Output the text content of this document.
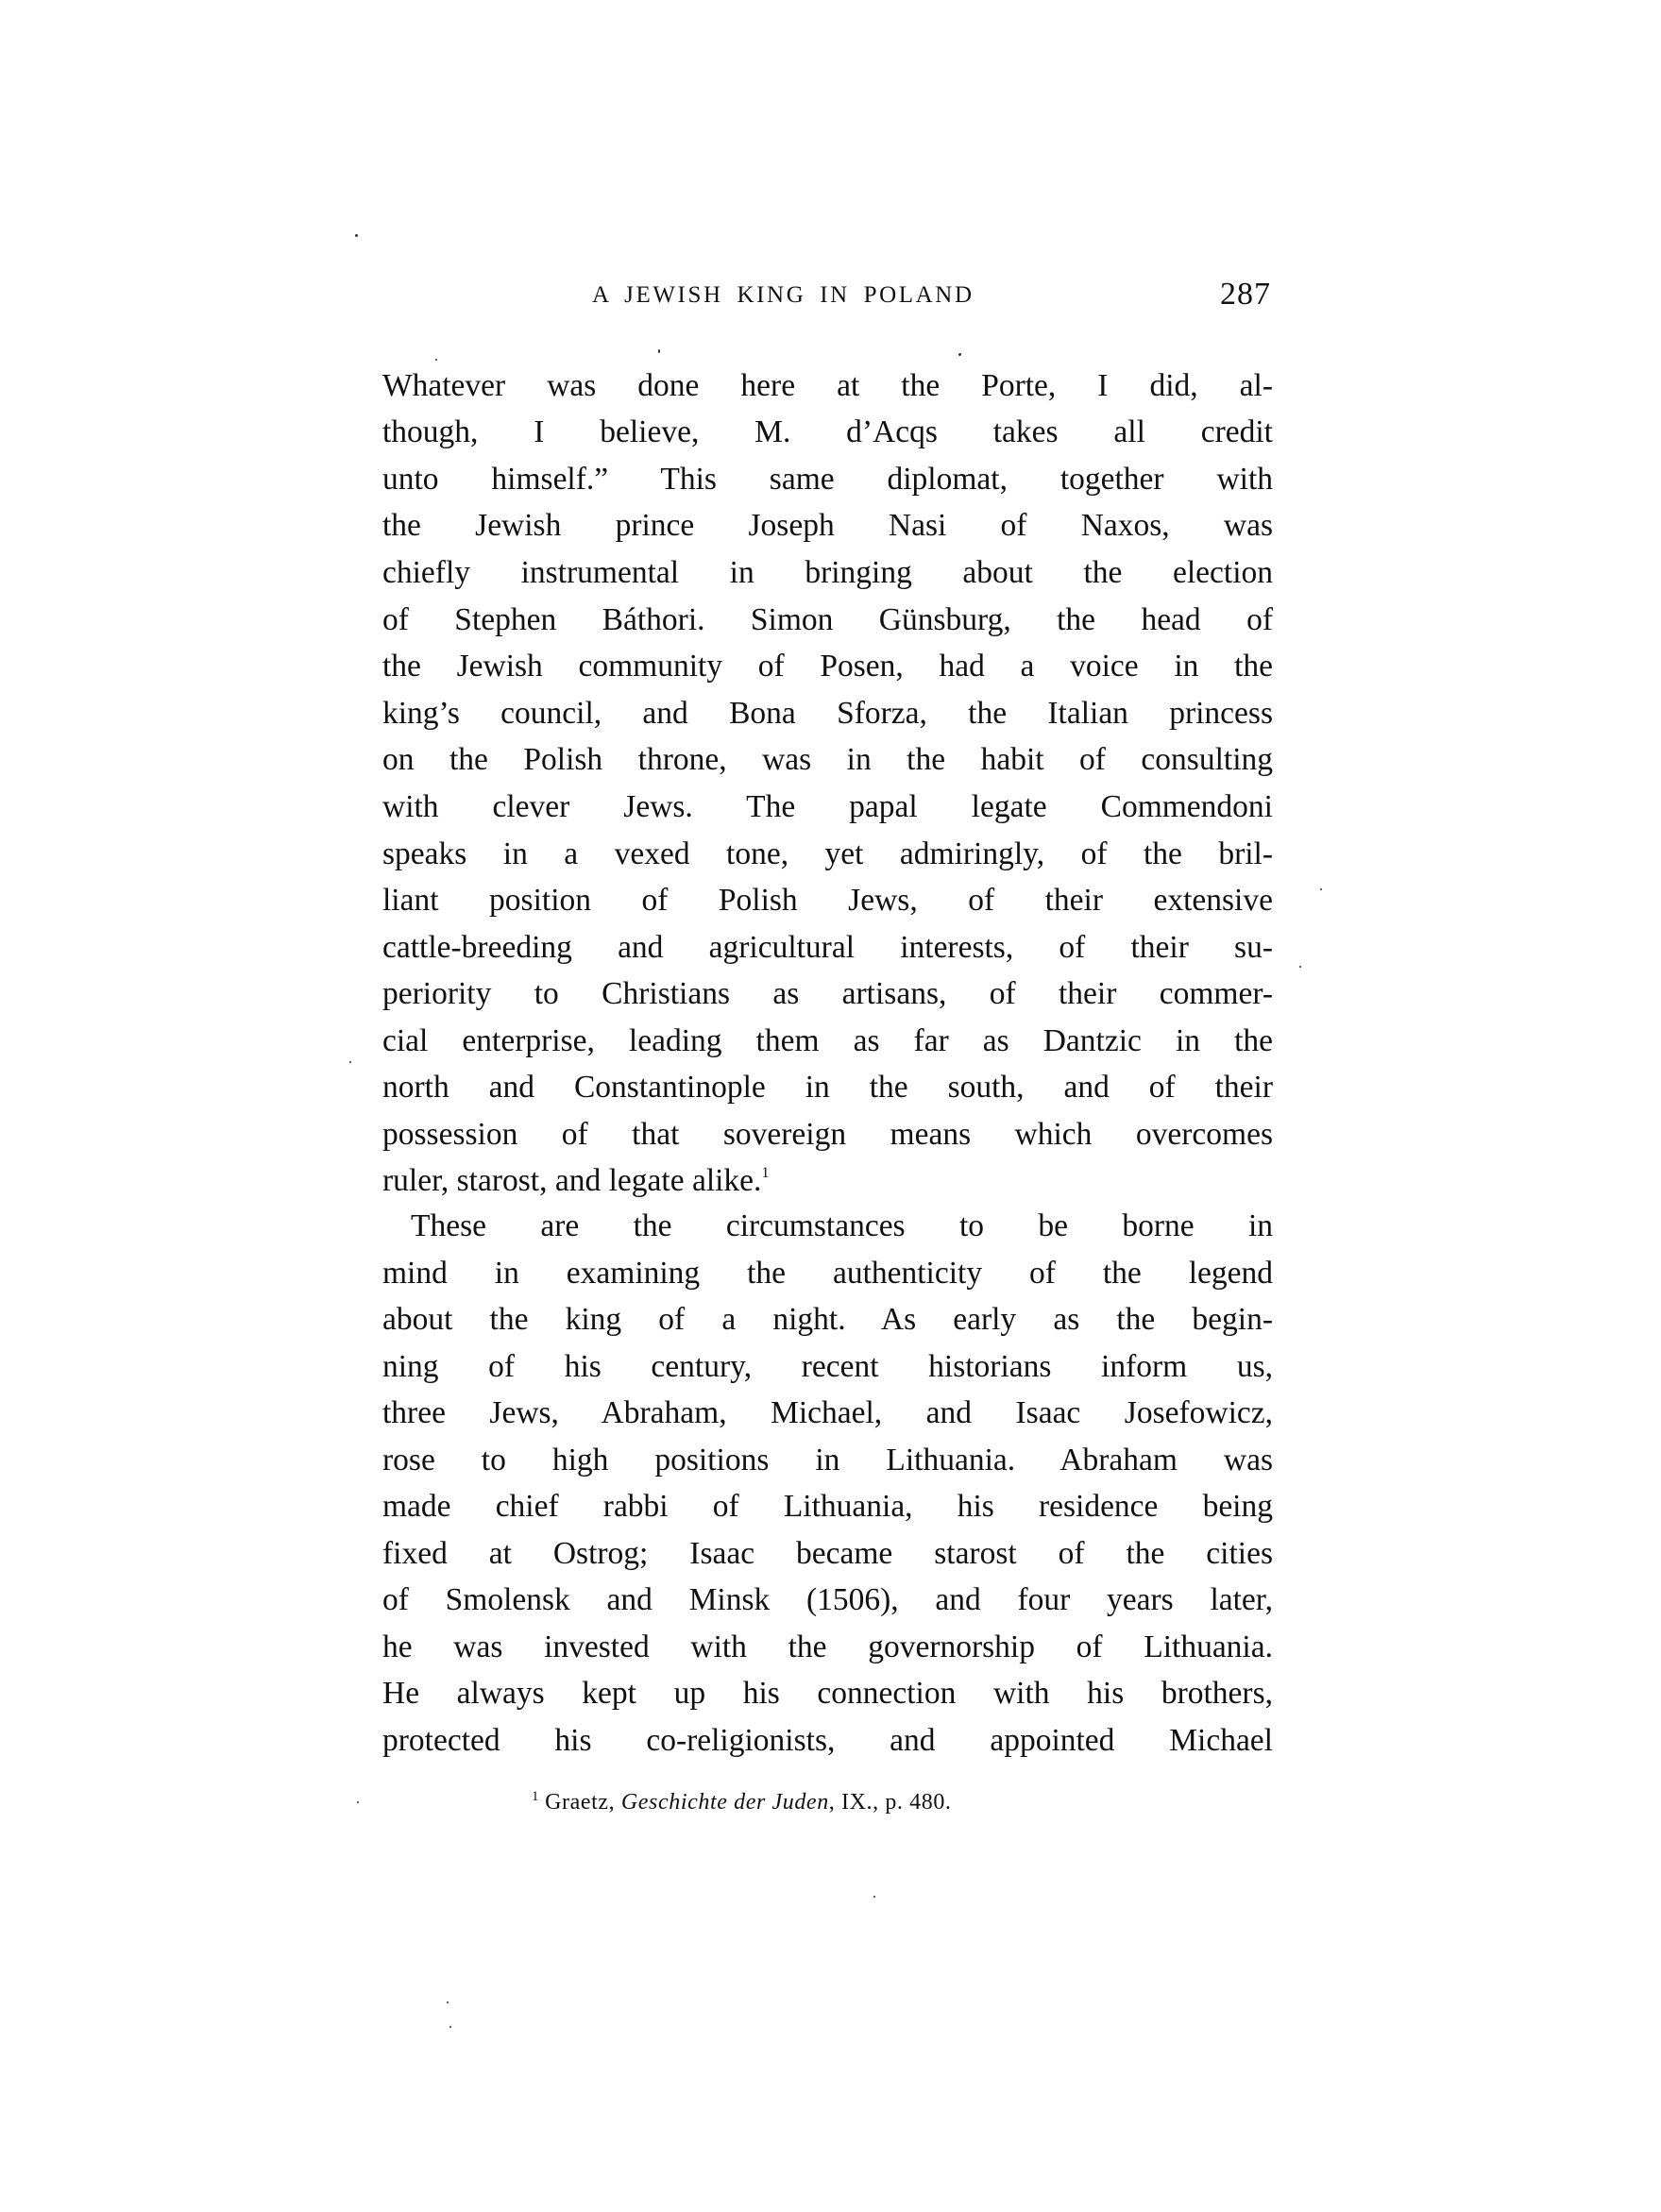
A JEWISH KING IN POLAND	287
Whatever was done here at the Porte, I did, al-
though, I believe, M. d’Acqs takes all credit
unto himself.” This same diplomat, together with
the Jewish prince Joseph Nasi of Naxos, was
chiefly instrumental in bringing about the election
of Stephen Báthori. Simon Günsburg, the head of
the Jewish community of Posen, had a voice in the
king’s council, and Bona Sforza, the Italian princess
on the Polish throne, was in the habit of consulting
with clever Jews. The papal legate Commendoni
speaks in a vexed tone, yet admiringly, of the bril-
liant position of Polish Jews, of their extensive
cattle-breeding and agricultural interests, of their su-
periority to Christians as artisans, of their commer-
cial enterprise, leading them as far as Dantzic in the
north and Constantinople in the south, and of their
possession of that sovereign means which overcomes
ruler, starost, and legate alike.$^1$
These are the circumstances to be borne in
mind in examining the authenticity of the legend
about the king of a night. As early as the begin-
ning of his century, recent historians inform us,
three Jews, Abraham, Michael, and Isaac Josefowicz,
rose to high positions in Lithuania. Abraham was
made chief rabbi of Lithuania, his residence being
fixed at Ostrog; Isaac became starost of the cities
of Smolensk and Minsk (1506), and four years later,
he was invested with the governorship of Lithuania.
He always kept up his connection with his brothers,
protected his co-religionists, and appointed Michael
$^1$ Graetz, Geschichte der Juden, IX., p. 480.
